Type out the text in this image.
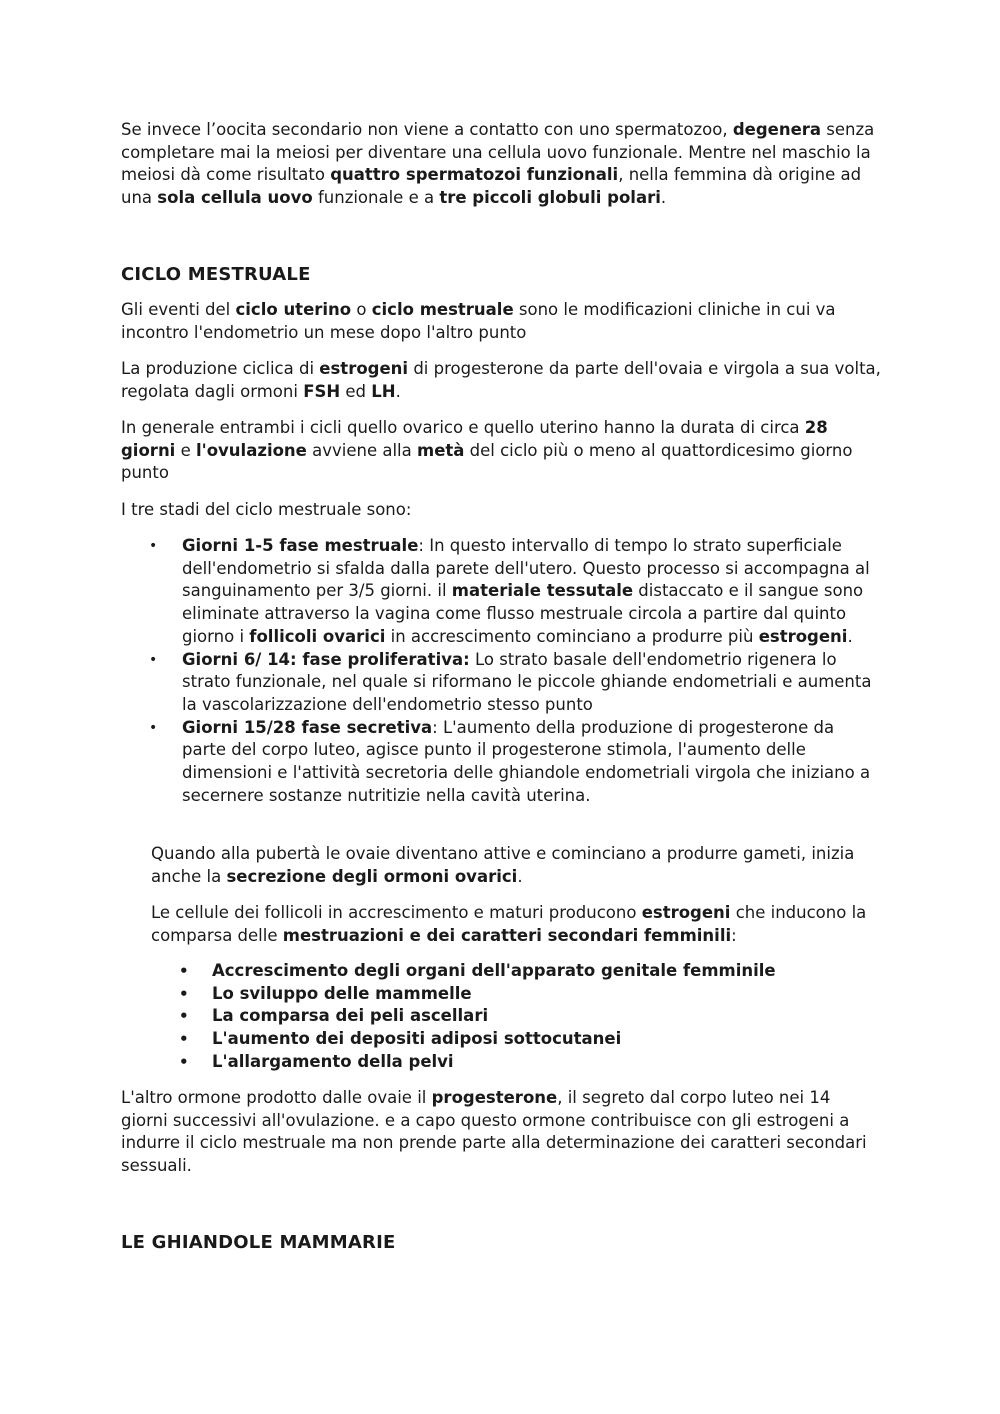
Se invece l’oocita secondario non viene a contatto con uno spermatozoo, degenera senza completare mai la meiosi per diventare una cellula uovo funzionale. Mentre nel maschio la meiosi dà come risultato quattro spermatozoi funzionali, nella femmina dà origine ad una sola cellula uovo funzionale e a tre piccoli globuli polari.
CICLO MESTRUALE
Gli eventi del ciclo uterino o ciclo mestruale sono le modificazioni cliniche in cui va incontro l'endometrio un mese dopo l'altro punto
La produzione ciclica di estrogeni di progesterone da parte dell'ovaia e virgola a sua volta, regolata dagli ormoni FSH ed LH.
In generale entrambi i cicli quello ovarico e quello uterino hanno la durata di circa 28 giorni e l'ovulazione avviene alla metà del ciclo più o meno al quattordicesimo giorno punto
I tre stadi del ciclo mestruale sono:
• Giorni 1-5 fase mestruale: In questo intervallo di tempo lo strato superficiale dell'endometrio si sfalda dalla parete dell'utero. Questo processo si accompagna al sanguinamento per 3/5 giorni. il materiale tessutale distaccato e il sangue sono eliminate attraverso la vagina come flusso mestruale circola a partire dal quinto giorno i follicoli ovarici in accrescimento cominciano a produrre più estrogeni.
• Giorni 6/ 14: fase proliferativa: Lo strato basale dell'endometrio rigenera lo strato funzionale, nel quale si riformano le piccole ghiande endometriali e aumenta la vascolarizzazione dell'endometrio stesso punto
• Giorni 15/28 fase secretiva: L'aumento della produzione di progesterone da parte del corpo luteo, agisce punto il progesterone stimola, l'aumento delle dimensioni e l'attività secretoria delle ghiandole endometriali virgola che iniziano a secernere sostanze nutritizie nella cavità uterina.
Quando alla pubertà le ovaie diventano attive e cominciano a produrre gameti, inizia anche la secrezione degli ormoni ovarici.
Le cellule dei follicoli in accrescimento e maturi producono estrogeni che inducono la comparsa delle mestruazioni e dei caratteri secondari femminili:
• Accrescimento degli organi dell'apparato genitale femminile
• Lo sviluppo delle mammelle
• La comparsa dei peli ascellari
• L'aumento dei depositi adiposi sottocutanei
• L'allargamento della pelvi
L'altro ormone prodotto dalle ovaie il progesterone, il segreto dal corpo luteo nei 14 giorni successivi all'ovulazione. e a capo questo ormone contribuisce con gli estrogeni a indurre il ciclo mestruale ma non prende parte alla determinazione dei caratteri secondari sessuali.
LE GHIANDOLE MAMMARIE
